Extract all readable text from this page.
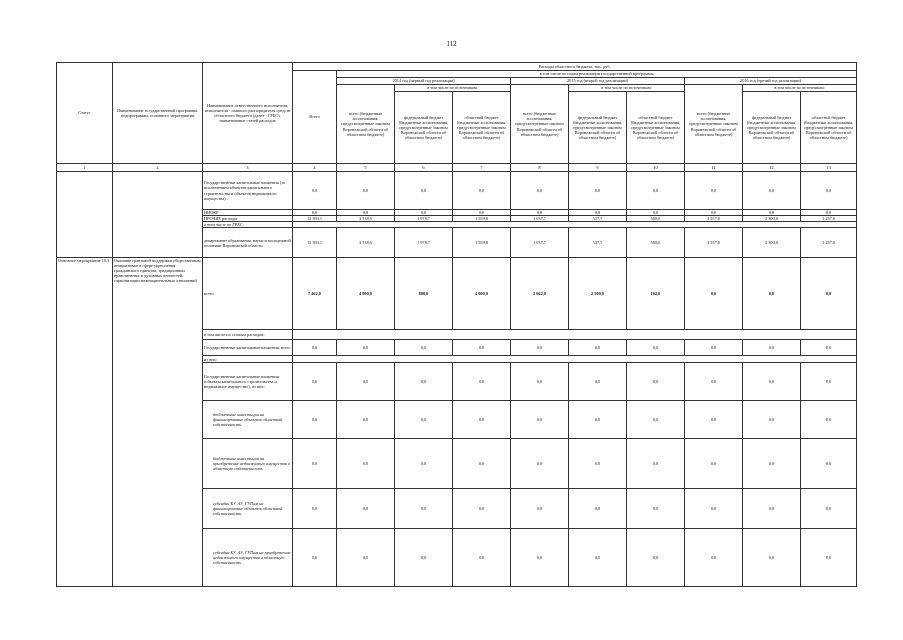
112
Статус	Наименование государственной программы, подпрограммы, основного мероприятия	Наименование ответственного исполнителя, исполнителя - главного распорядителя средств областного бюджета (далее - ГРБС), наименование статей расходов	Расходы областного бюджета, тыс. руб.									
			Всего	в том числе по годам реализации государственной программы								
				2014 год (первый год реализации)			2015 год (второй год реализации)			2016 год (третий год реализации)		
				всего (бюджетные ассигнования, предусмотренные законом Воронежской области об областном бюджете)	в том числе по источникам:		всего (бюджетные ассигнования, предусмотренные законом Воронежской области об областном бюджете)	в том числе по источникам:		всего (бюджетные ассигнования, предусмотренные законом Воронежской области об областном бюджете)	в том числе по источникам:	
					федеральный бюджет (бюджетные ассигнования, предусмотренные законом Воронежской области об областном бюджете)	областной бюджет (бюджетные ассигнования, предусмотренные законом Воронежской области об областном бюджете)		федеральный бюджет (бюджетные ассигнования, предусмотренные законом Воронежской области об областном бюджете)	областной бюджет (бюджетные ассигнования, предусмотренные законом Воронежской области об областном бюджете)		федеральный бюджет (бюджетные ассигнования, предусмотренные законом Воронежской области об областном бюджете)	областной бюджет (бюджетные ассигнования, предусмотренные законом Воронежской области об областном бюджете)
1	2	3	4	5	6	7	8	9	10	11	12	13
		Государственные капитальные вложения (за исключением объектов капитального строительства и объектов недвижимого имущества)	0,0	0,0	0,0	0,0	0,0	0,0	0,0	0,0	0,0	0,0
		НИОКР	0,0	0,0	0,0	0,0	0,0	0,0	0,0	0,0	0,0	0,0
		ПРОЧИЕ расходы	13 393,1	3 538,5	1 978,7	1 559,8	1 037,7	537,7	500,0	3 557,0	2 300,0	1 257,0
		в том числе по ГРБС:										
		департамент образования, науки и молодежной политики Воронежской области	13 393,1	3 538,5	1 978,7	1 559,8	1 037,7	537,7	500,0	3 557,0	2 300,0	1 257,0
Основное мероприятие 10.3	Оказание грантовой поддержки общественным инициативам в сфере укрепления гражданского единства, традиционных нравственных и духовных ценностей, гармонизации межнациональных отношений	всего	7 462,0	4 800,0	800,0	4 000,0	2 662,0	2 500,0	162,0	0,0	0,0	0,0
		в том числе по статьям расходов:										
		Государственные капитальные вложения, всего	0,0	0,0	0,0	0,0	0,0	0,0	0,0	0,0	0,0	0,0
		из них:										
		Государственные капитальные вложения (объекты капитального строительства и недвижимое имущество), из них:	0,0	0,0	0,0	0,0	0,0	0,0	0,0	0,0	0,0	0,0
		бюджетные инвестиции на финансирование объектов областной собственности	0,0	0,0	0,0	0,0	0,0	0,0	0,0	0,0	0,0	0,0
		бюджетные инвестиции на приобретение недвижимого имущества в областную собственность	0,0	0,0	0,0	0,0	0,0	0,0	0,0	0,0	0,0	0,0
		субсидии БУ, АУ, ГУПам на финансирование объектов областной собственности	0,0	0,0	0,0	0,0	0,0	0,0	0,0	0,0	0,0	0,0
		субсидии БУ, АУ, ГУПам на приобретение недвижимого имущества в областную собственность	0,0	0,0	0,0	0,0	0,0	0,0	0,0	0,0	0,0	0,0
